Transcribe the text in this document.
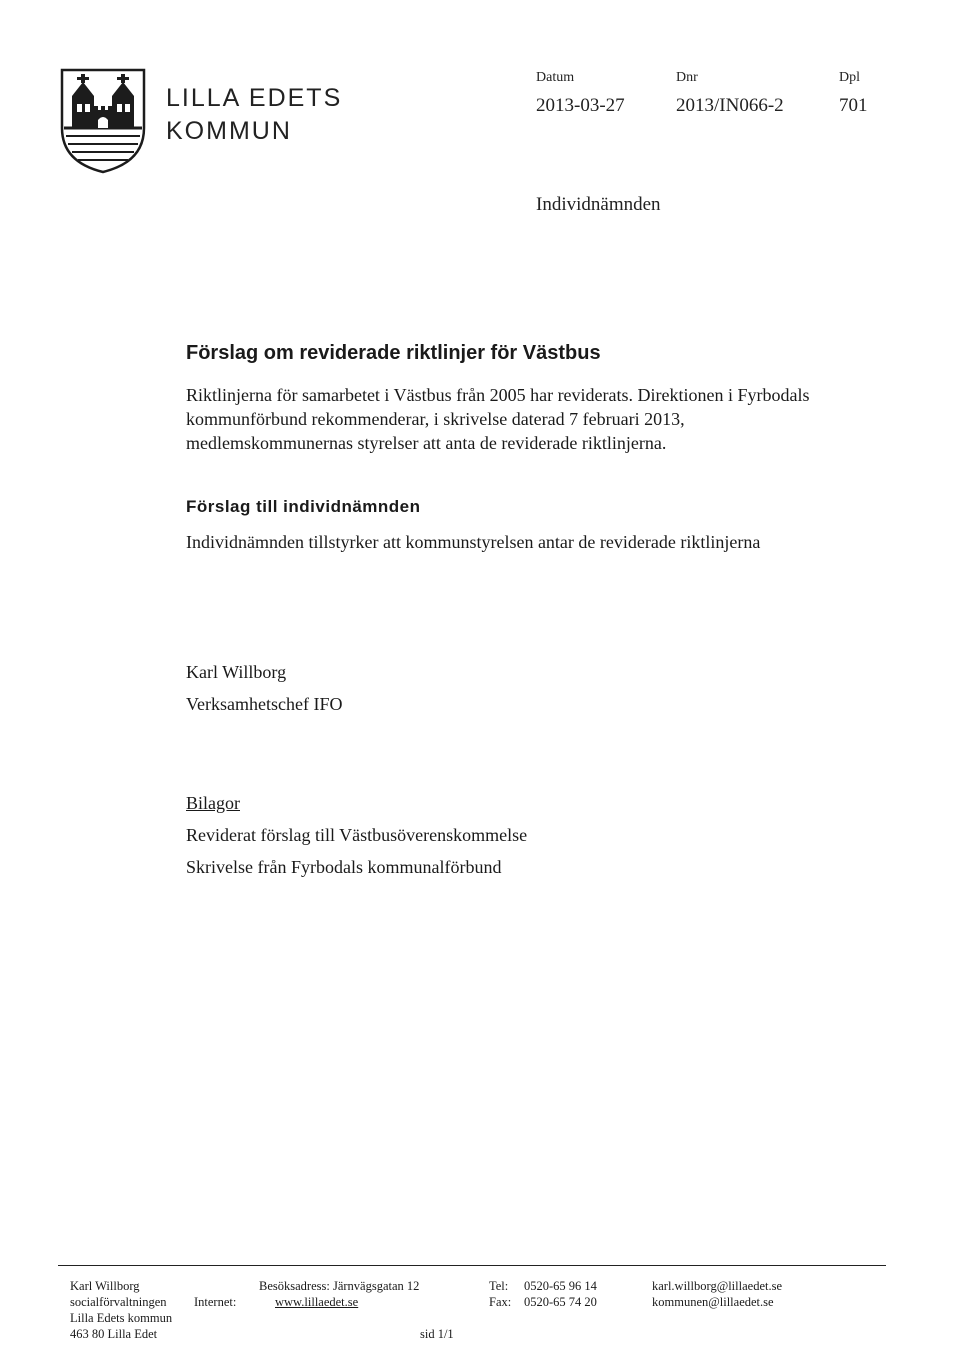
LILLA EDETS
KOMMUN
Datum
2013-03-27
Dnr
2013/IN066-2
Dpl
701
Individnämnden
Förslag om reviderade riktlinjer för Västbus
Riktlinjerna för samarbetet i Västbus från 2005 har reviderats. Direktionen i Fyrbodals
kommunförbund rekommenderar, i skrivelse daterad 7 februari 2013,
medlemskommunernas styrelser att anta de reviderade riktlinjerna.
Förslag till individnämnden
Individnämnden tillstyrker att kommunstyrelsen antar de reviderade riktlinjerna
Karl Willborg
Verksamhetschef IFO
Bilagor
Reviderat förslag till Västbusöverenskommelse
Skrivelse från Fyrbodals kommunalförbund
Karl Willborg
socialförvaltningen
Lilla Edets kommun
463 80 Lilla Edet
Internet:
Besöksadress: Järnvägsgatan 12
www.lillaedet.se
sid 1/1
Tel: 0520-65 96 14
Fax: 0520-65 74 20
karl.willborg@lillaedet.se
kommunen@lillaedet.se
